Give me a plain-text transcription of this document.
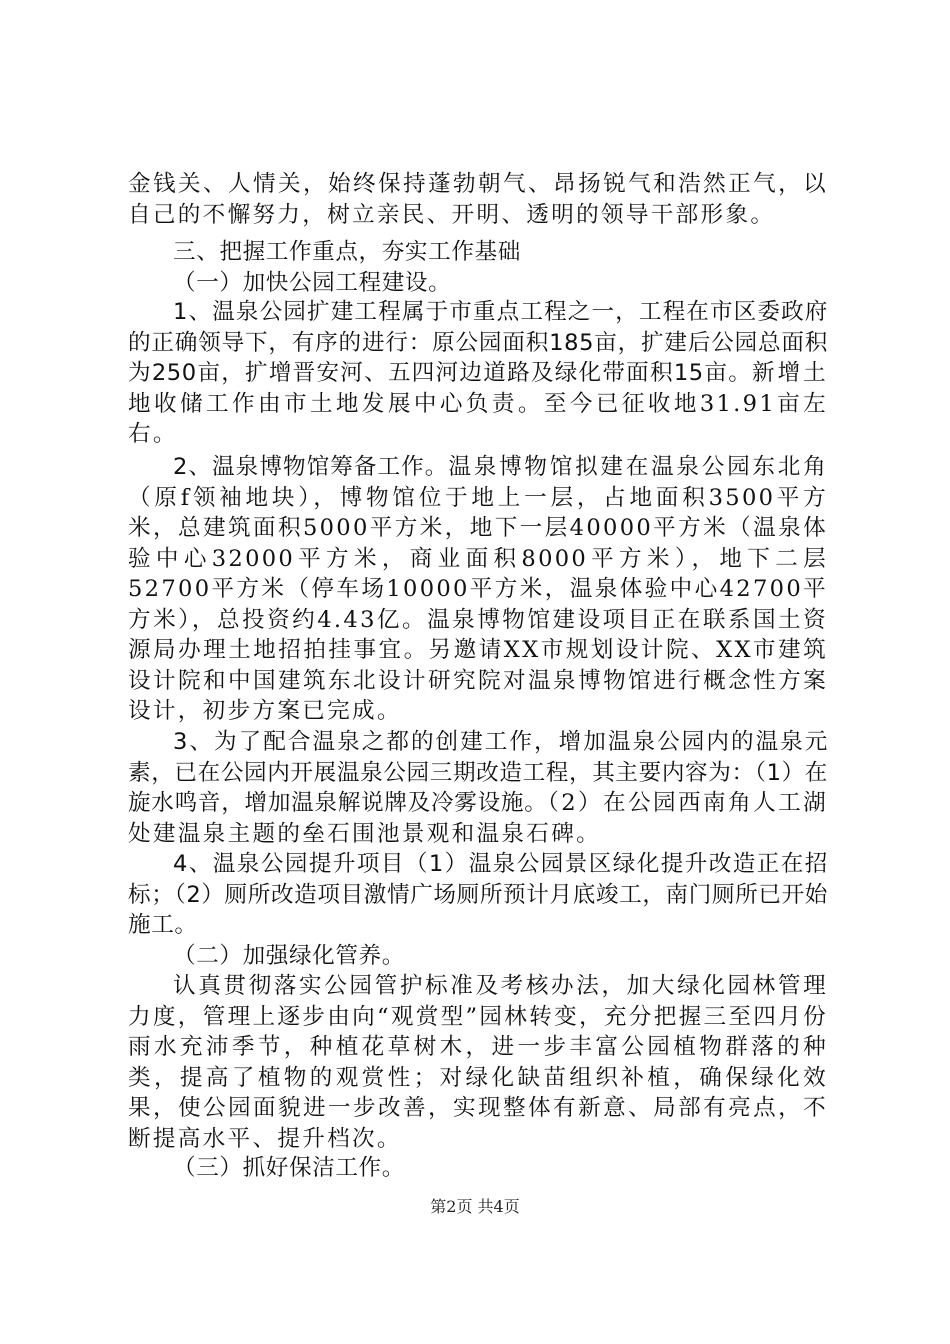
金钱关、人情关，始终保持蓬勃朝气、昂扬锐气和浩然正气，以自己的不懈努力，树立亲民、开明、透明的领导干部形象。

三、把握工作重点，夯实工作基础

（一）加快公园工程建设。

1、温泉公园扩建工程属于市重点工程之一，工程在市区委政府的正确领导下，有序的进行：原公园面积185亩，扩建后公园总面积为250亩，扩增晋安河、五四河边道路及绿化带面积15亩。新增土地收储工作由市土地发展中心负责。至今已征收地31.91亩左右。
2、温泉博物馆筹备工作。温泉博物馆拟建在温泉公园东北角（原f领袖地块），博物馆位于地上一层，占地面积3500平方米，总建筑面积5000平方米，地下一层40000平方米（温泉体验中心32000平方米，商业面积8000平方米），地下二层52700平方米（停车场10000平方米，温泉体验中心42700平方米），总投资约4.43亿。温泉博物馆建设项目正在联系国土资源局办理土地招拍挂事宜。另邀请XX市规划设计院、XX市建筑设计院和中国建筑东北设计研究院对温泉博物馆进行概念性方案设计，初步方案已完成。
3、为了配合温泉之都的创建工作，增加温泉公园内的温泉元素，已在公园内开展温泉公园三期改造工程，其主要内容为：（1）在旋水鸣音，增加温泉解说牌及冷雾设施。（2）在公园西南角人工湖处建温泉主题的垒石围池景观和温泉石碑。

4、温泉公园提升项目（1）温泉公园景区绿化提升改造正在招标；（2）厕所改造项目激情广场厕所预计月底竣工，南门厕所已开始施工。

（二）加强绿化管养。

认真贯彻落实公园管护标准及考核办法，加大绿化园林管理力度，管理上逐步由向“观赏型”园林转变，充分把握三至四月份雨水充沛季节，种植花草树木，进一步丰富公园植物群落的种类，提高了植物的观赏性；对绿化缺苗组织补植，确保绿化效果，使公园面貌进一步改善，实现整体有新意、局部有亮点，不断提高水平、提升档次。

（三）抓好保洁工作。

第2页 共4页
